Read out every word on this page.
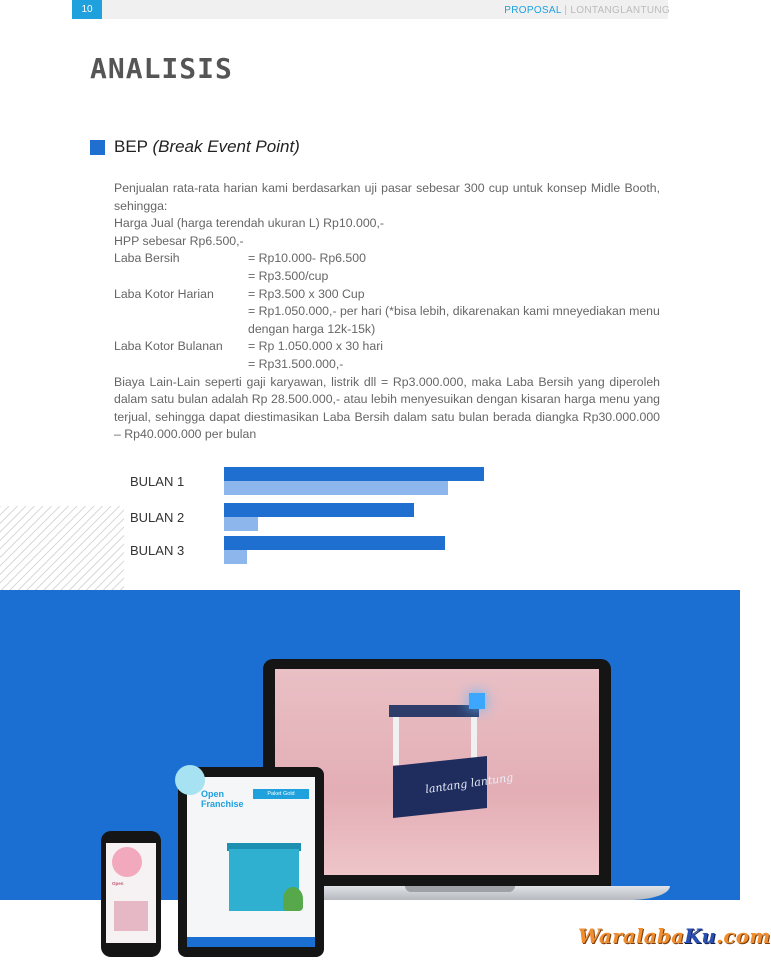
10	PROPOSAL | LONTANGLANTUNG
ANALISIS
BEP (Break Event Point)

Penjualan rata-rata harian kami berdasarkan uji pasar sebesar 300 cup untuk konsep Midle Booth, sehingga:

Harga Jual (harga terendah ukuran L) Rp10.000,-

HPP sebesar Rp6.500,-

Laba Bersih	= Rp10.000- Rp6.500
= Rp3.500/cup
Laba Kotor Harian	= Rp3.500 x 300 Cup
= Rp1.050.000,- per hari (*bisa lebih, dikarenakan kami mneyediakan menu dengan harga 12k-15k)
Laba Kotor Bulanan	= Rp 1.050.000 x 30 hari
= Rp31.500.000,-

Biaya Lain-Lain seperti gaji karyawan, listrik dll = Rp3.000.000, maka Laba Bersih yang diperoleh dalam satu bulan adalah Rp 28.500.000,- atau lebih menyesuikan dengan kisaran harga menu yang terjual, sehingga dapat diestimasikan Laba Bersih dalam satu bulan berada diangka Rp30.000.000 – Rp40.000.000 per bulan

BULAN 1
BULAN 2
BULAN 3
lantang lantung
Open
Franchise
Paket Gold
Open
WaralabaKu.com
